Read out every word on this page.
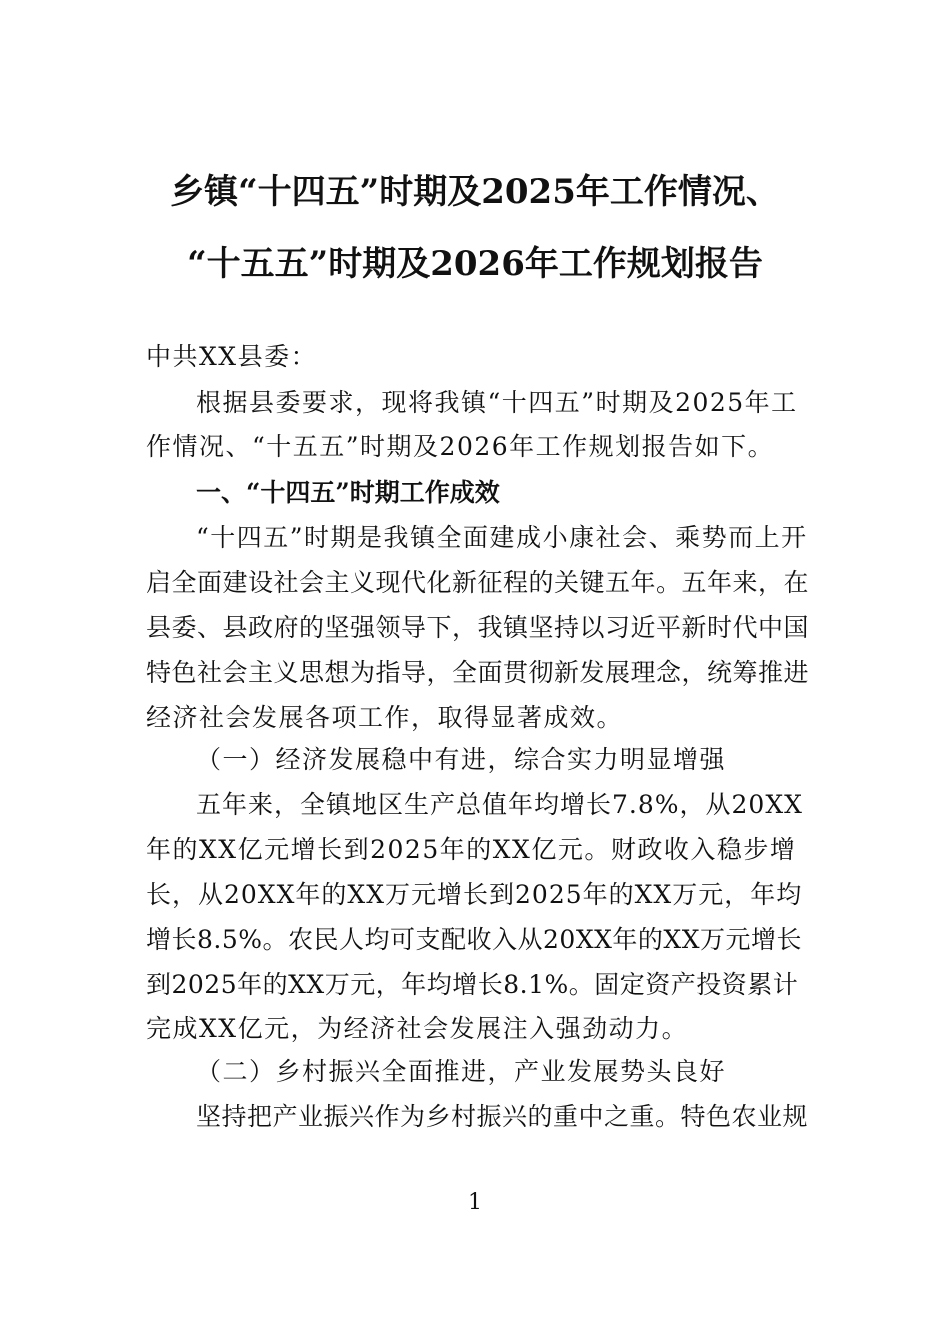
乡镇“十四五”时期及2025年工作情况、
“十五五”时期及2026年工作规划报告
中共XX县委：
根据县委要求，现将我镇“十四五”时期及2025年工
作情况、“十五五”时期及2026年工作规划报告如下。
一、“十四五”时期工作成效
“十四五”时期是我镇全面建成小康社会、乘势而上开
启全面建设社会主义现代化新征程的关键五年。五年来，在
县委、县政府的坚强领导下，我镇坚持以习近平新时代中国
特色社会主义思想为指导，全面贯彻新发展理念，统筹推进
经济社会发展各项工作，取得显著成效。
（一）经济发展稳中有进，综合实力明显增强
五年来，全镇地区生产总值年均增长7.8%，从20XX
年的XX亿元增长到2025年的XX亿元。财政收入稳步增
长，从20XX年的XX万元增长到2025年的XX万元，年均
增长8.5%。农民人均可支配收入从20XX年的XX万元增长
到2025年的XX万元，年均增长8.1%。固定资产投资累计
完成XX亿元，为经济社会发展注入强劲动力。
（二）乡村振兴全面推进，产业发展势头良好
坚持把产业振兴作为乡村振兴的重中之重。特色农业规
1
